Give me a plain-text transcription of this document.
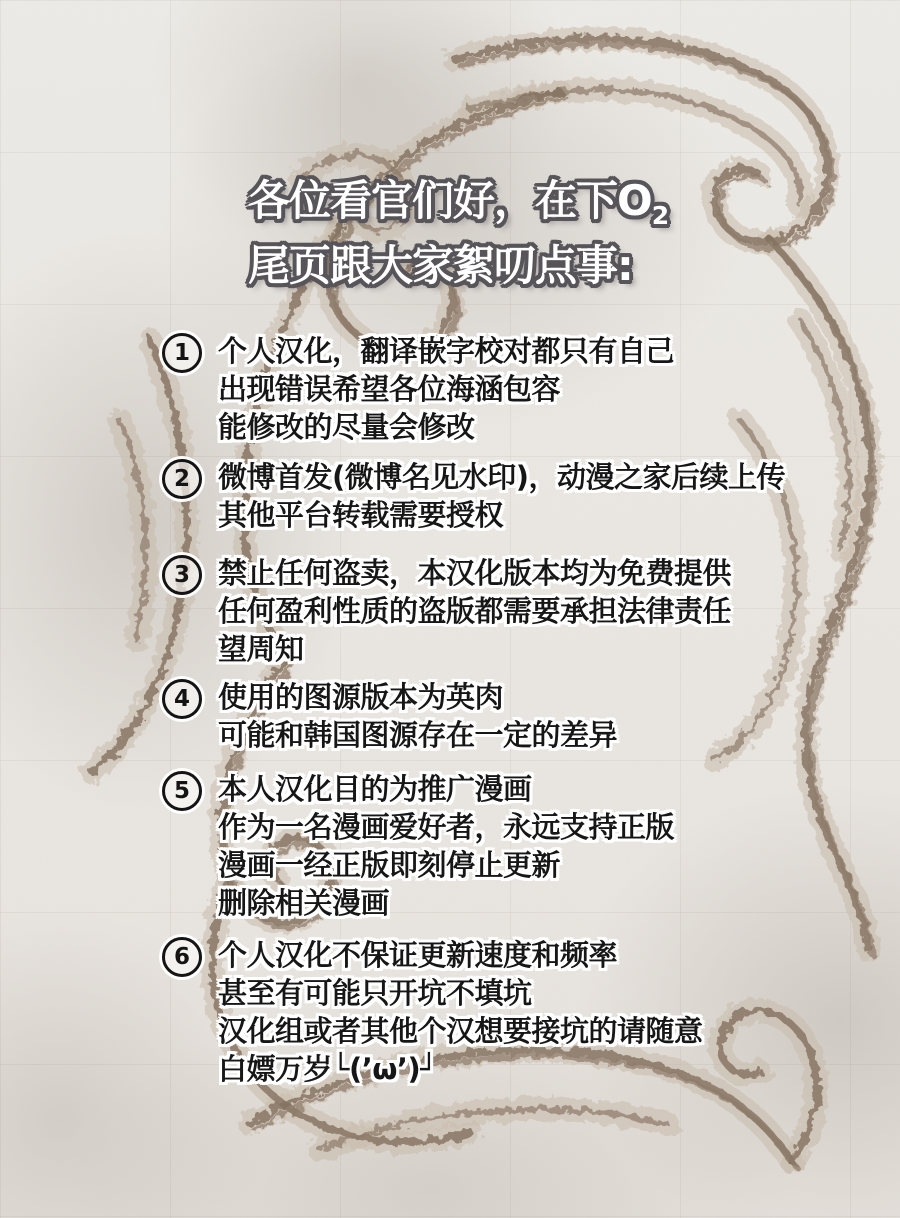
各位看官们好，在下$O_2$
尾页跟大家絮叨点事:
1 个人汉化，翻译嵌字校对都只有自己
出现错误希望各位海涵包容
能修改的尽量会修改
2 微博首发(微博名见水印)，动漫之家后续上传
其他平台转载需要授权
3 禁止任何盗卖，本汉化版本均为免费提供
任何盈利性质的盗版都需要承担法律责任
望周知
4 使用的图源版本为英肉
可能和韩国图源存在一定的差异
5 本人汉化目的为推广漫画
作为一名漫画爱好者，永远支持正版
漫画一经正版即刻停止更新
删除相关漫画
6 个人汉化不保证更新速度和频率
甚至有可能只开坑不填坑
汉化组或者其他个汉想要接坑的请随意
白嫖万岁└(’ω’)┘
